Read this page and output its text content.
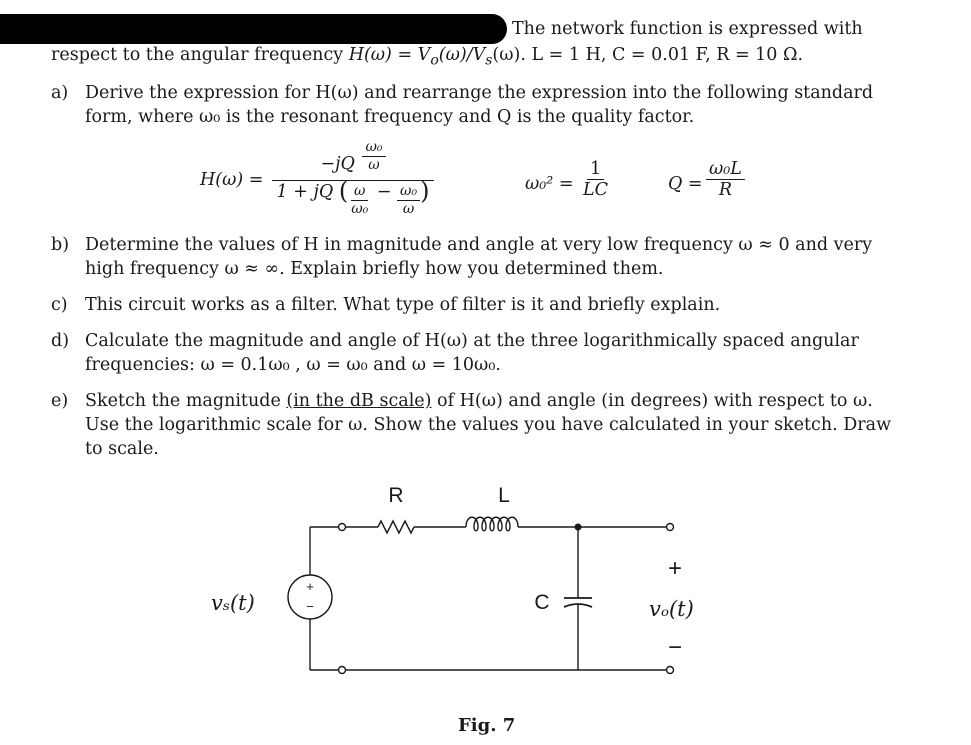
The network function is expressed with
respect to the angular frequency $H(\omega) = V_o(\omega)/V_s(\omega)$. L = 1 H, C = 0.01 F, R = 10 Ω.
a) Derive the expression for H(ω) and rearrange the expression into the following standard
form, where ω₀ is the resonant frequency and Q is the quality factor.
H(ω) =
$-jQ \frac{\text{ω₀}}{\omega}$
1 + jQ ( $\frac{\omega}{\text{ω₀}} - \frac{\text{ω₀}}{\omega}$ )	$\omega_0^2 = \frac{1}{LC}$	$Q = \frac{\text{ω₀L}}{R}$
b) Determine the values of H in magnitude and angle at very low frequency ω ≈ 0 and very
high frequency ω ≈ ∞. Explain briefly how you determined them.
c) This circuit works as a filter. What type of filter is it and briefly explain.
d) Calculate the magnitude and angle of H(ω) at the three logarithmically spaced angular
frequencies: ω = 0.1ω₀ , ω = ω₀ and ω = 10ω₀.
e) Sketch the magnitude (in the dB scale) of H(ω) and angle (in degrees) with respect to ω.
Use the logarithmic scale for ω. Show the values you have calculated in your sketch. Draw
to scale.
+
−
R	L
C
vₛ(t)	vₒ(t)
+
−
Fig. 7
